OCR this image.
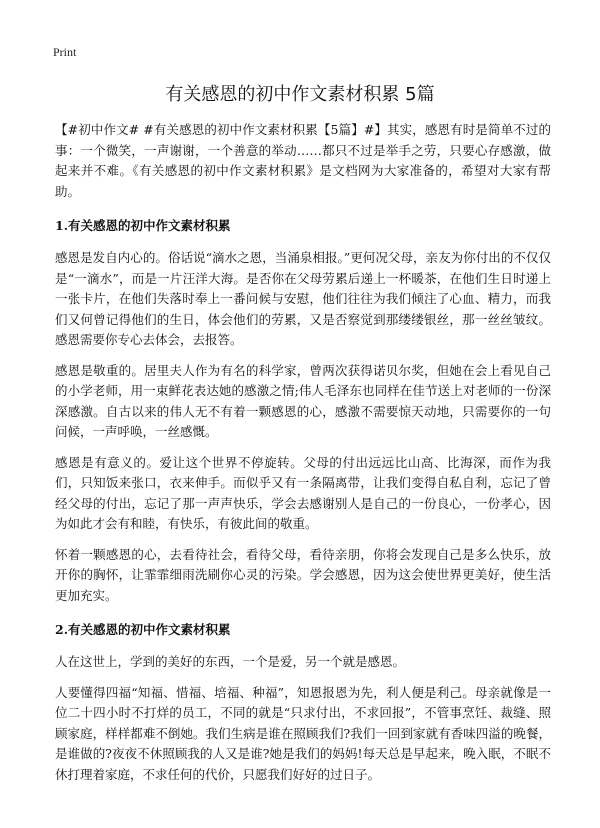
Print
有关感恩的初中作文素材积累 5篇

【#初中作文# #有关感恩的初中作文素材积累【5篇】#】其实，感恩有时是简单不过的事：一个微笑，一声谢谢，一个善意的举动……都只不过是举手之劳，只要心存感激，做起来并不难。《有关感恩的初中作文素材积累》是文档网为大家准备的，希望对大家有帮助。

1.有关感恩的初中作文素材积累

感恩是发自内心的。俗话说“滴水之恩，当涌泉相报。”更何况父母，亲友为你付出的不仅仅是“一滴水”，而是一片汪洋大海。是否你在父母劳累后递上一杯暖茶，在他们生日时递上一张卡片，在他们失落时奉上一番问候与安慰，他们往往为我们倾注了心血、精力，而我们又何曾记得他们的生日，体会他们的劳累，又是否察觉到那缕缕银丝，那一丝丝皱纹。感恩需要你专心去体会，去报答。

感恩是敬重的。居里夫人作为有名的科学家，曾两次获得诺贝尔奖，但她在会上看见自己的小学老师，用一束鲜花表达她的感激之情;伟人毛泽东也同样在佳节送上对老师的一份深深感激。自古以来的伟人无不有着一颗感恩的心，感激不需要惊天动地，只需要你的一句问候，一声呼唤，一丝感慨。

感恩是有意义的。爱让这个世界不停旋转。父母的付出远远比山高、比海深，而作为我们，只知饭来张口，衣来伸手。而似乎又有一条隔离带，让我们变得自私自利，忘记了曾经父母的付出，忘记了那一声声快乐，学会去感谢别人是自己的一份良心，一份孝心，因为如此才会有和睦，有快乐，有彼此间的敬重。

怀着一颗感恩的心，去看待社会，看待父母，看待亲朋，你将会发现自己是多么快乐，放开你的胸怀，让霏霏细雨洗刷你心灵的污染。学会感恩，因为这会使世界更美好，使生活更加充实。

2.有关感恩的初中作文素材积累

人在这世上，学到的美好的东西，一个是爱，另一个就是感恩。

人要懂得四福“知福、惜福、培福、种福”，知恩报恩为先，利人便是利己。母亲就像是一位二十四小时不打烊的员工，不同的就是“只求付出，不求回报”，不管事烹饪、裁缝、照顾家庭，样样都难不倒她。我们生病是谁在照顾我们?我们一回到家就有香味四溢的晚餐，是谁做的?夜夜不休照顾我的人又是谁?她是我们的妈妈!每天总是早起来，晚入眠，不眠不休打理着家庭，不求任何的代价，只愿我们好好的过日子。
